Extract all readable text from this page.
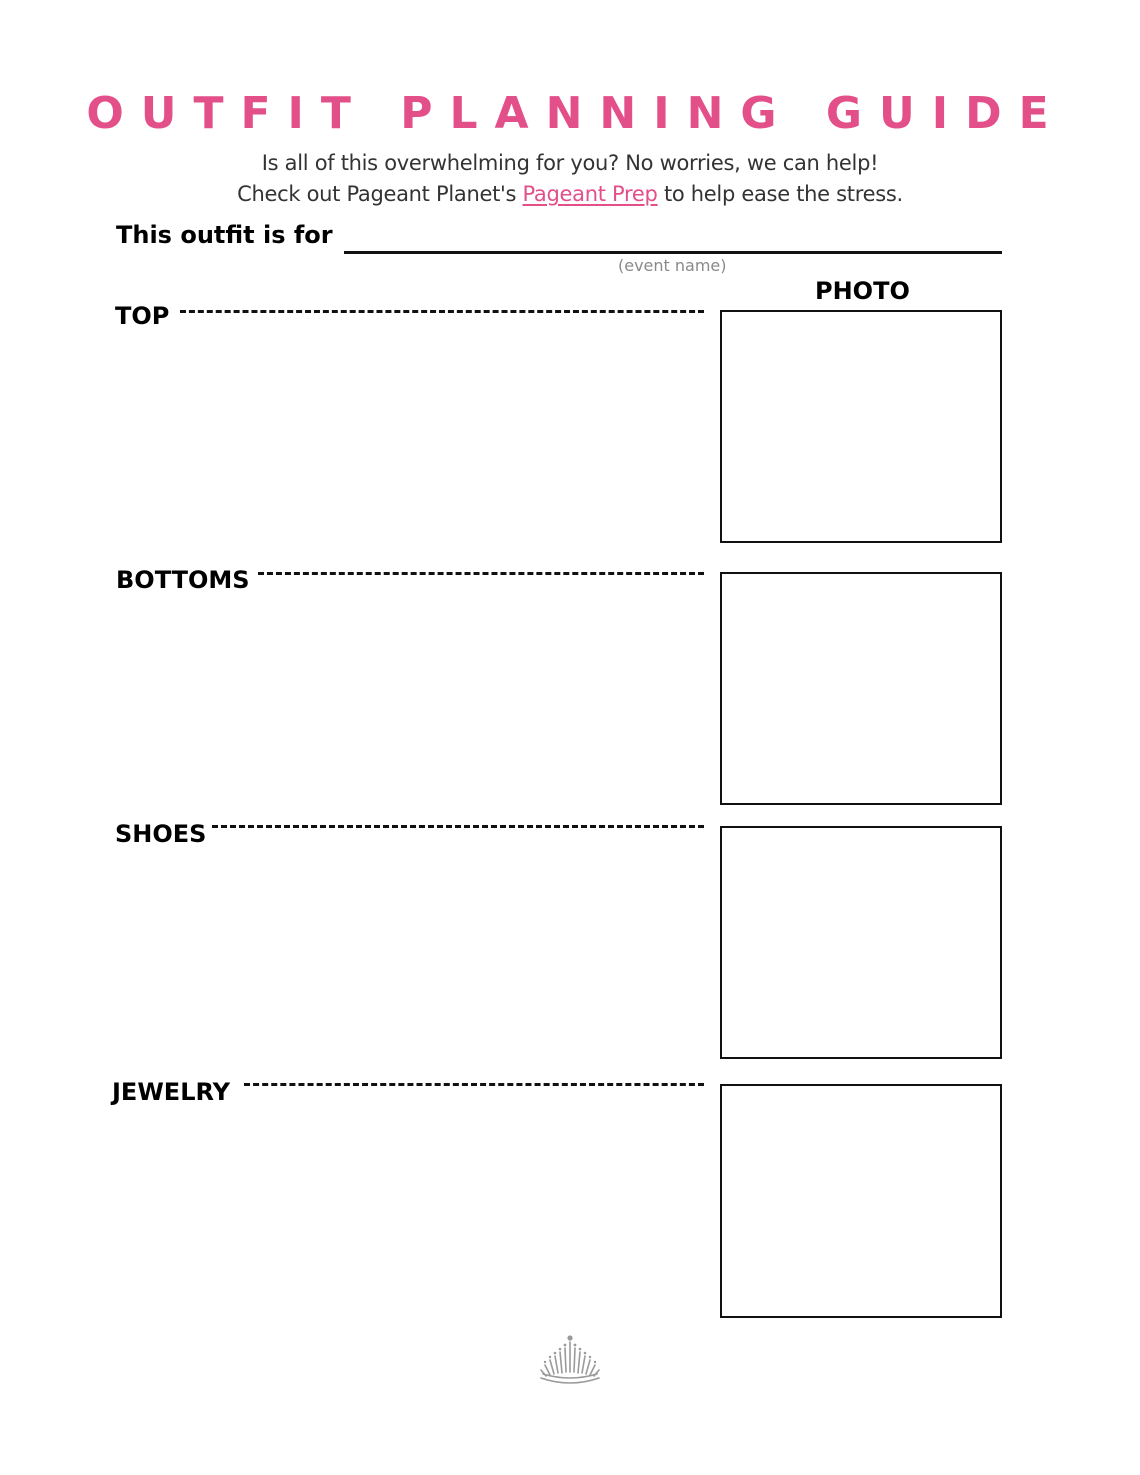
OUTFIT PLANNING GUIDE
Is all of this overwhelming for you? No worries, we can help!
Check out Pageant Planet's Pageant Prep to help ease the stress.
This outfit is for
(event name)
PHOTO
TOP
BOTTOMS
SHOES
JEWELRY
